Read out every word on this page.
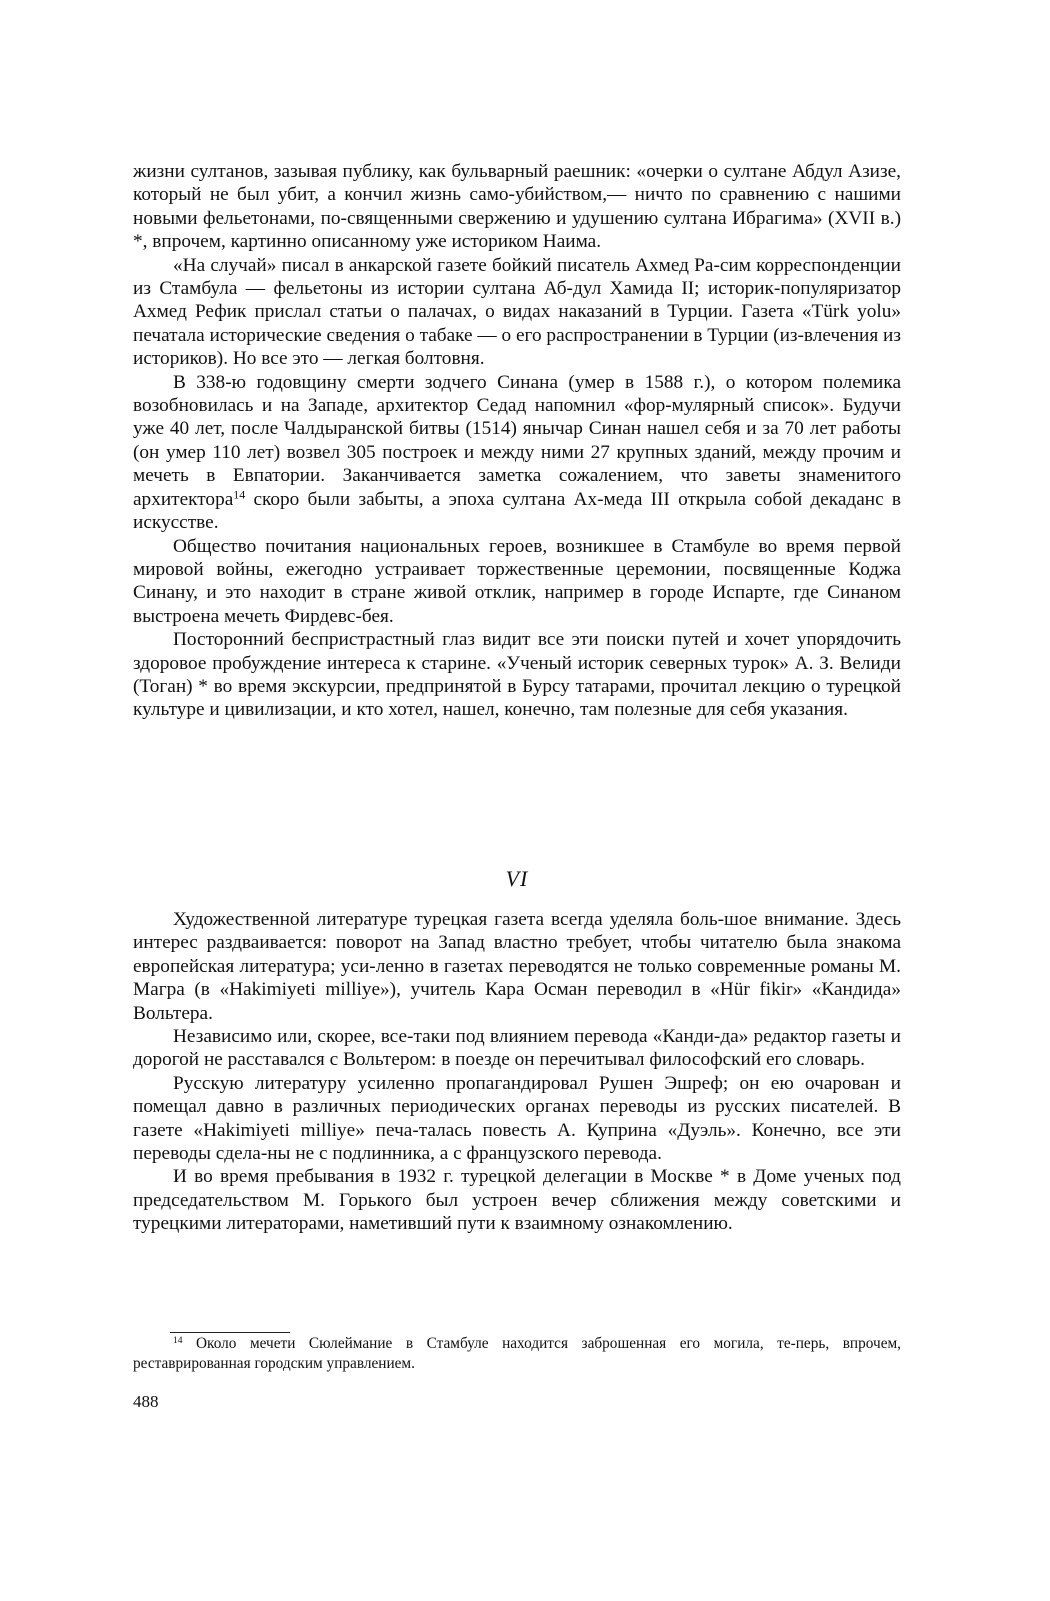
жизни султанов, зазывая публику, как бульварный раешник: «очерки о султане Абдул Азизе, который не был убит, а кончил жизнь само-убийством,— ничто по сравнению с нашими новыми фельетонами, по-священными свержению и удушению султана Ибрагима» (XVII в.) *, впрочем, картинно описанному уже историком Наима.

«На случай» писал в анкарской газете бойкий писатель Ахмед Ра-сим корреспонденции из Стамбула — фельетоны из истории султана Аб-дул Хамида II; историк-популяризатор Ахмед Рефик прислал статьи о палачах, о видах наказаний в Турции. Газета «Türk yolu» печатала исторические сведения о табаке — о его распространении в Турции (из-влечения из историков). Но все это — легкая болтовня.

В 338-ю годовщину смерти зодчего Синана (умер в 1588 г.), о котором полемика возобновилась и на Западе, архитектор Седад напомнил «фор-мулярный список». Будучи уже 40 лет, после Чалдыранской битвы (1514) янычар Синан нашел себя и за 70 лет работы (он умер 110 лет) возвел 305 построек и между ними 27 крупных зданий, между прочим и мечеть в Евпатории. Заканчивается заметка сожалением, что заветы знаменитого архитектора$^{14}$ скоро были забыты, а эпоха султана Ах-меда III открыла собой декаданс в искусстве.

Общество почитания национальных героев, возникшее в Стамбуле во время первой мировой войны, ежегодно устраивает торжественные церемонии, посвященные Коджа Синану, и это находит в стране живой отклик, например в городе Испарте, где Синаном выстроена мечеть Фирдевс-бея.

Посторонний беспристрастный глаз видит все эти поиски путей и хочет упорядочить здоровое пробуждение интереса к старине. «Ученый историк северных турок» А. З. Велиди (Тоган) * во время экскурсии, предпринятой в Бурсу татарами, прочитал лекцию о турецкой культуре и цивилизации, и кто хотел, нашел, конечно, там полезные для себя указания.

VI

Художественной литературе турецкая газета всегда уделяла боль-шое внимание. Здесь интерес раздваивается: поворот на Запад властно требует, чтобы читателю была знакома европейская литература; уси-ленно в газетах переводятся не только современные романы М. Магра (в «Hakimiyeti milliye»), учитель Кара Осман переводил в «Hür fikir» «Кандида» Вольтера.

Независимо или, скорее, все-таки под влиянием перевода «Канди-да» редактор газеты и дорогой не расставался с Вольтером: в поезде он перечитывал философский его словарь.

Русскую литературу усиленно пропагандировал Рушен Эшреф; он ею очарован и помещал давно в различных периодических органах переводы из русских писателей. В газете «Hakimiyeti milliye» печа-талась повесть А. Куприна «Дуэль». Конечно, все эти переводы сдела-ны не с подлинника, а с французского перевода.

И во время пребывания в 1932 г. турецкой делегации в Москве * в Доме ученых под председательством М. Горького был устроен вечер сближения между советскими и турецкими литераторами, наметивший пути к взаимному ознакомлению.

$^{14}$ Около мечети Сюлеймание в Стамбуле находится заброшенная его могила, те-перь, впрочем, реставрированная городским управлением.

488
